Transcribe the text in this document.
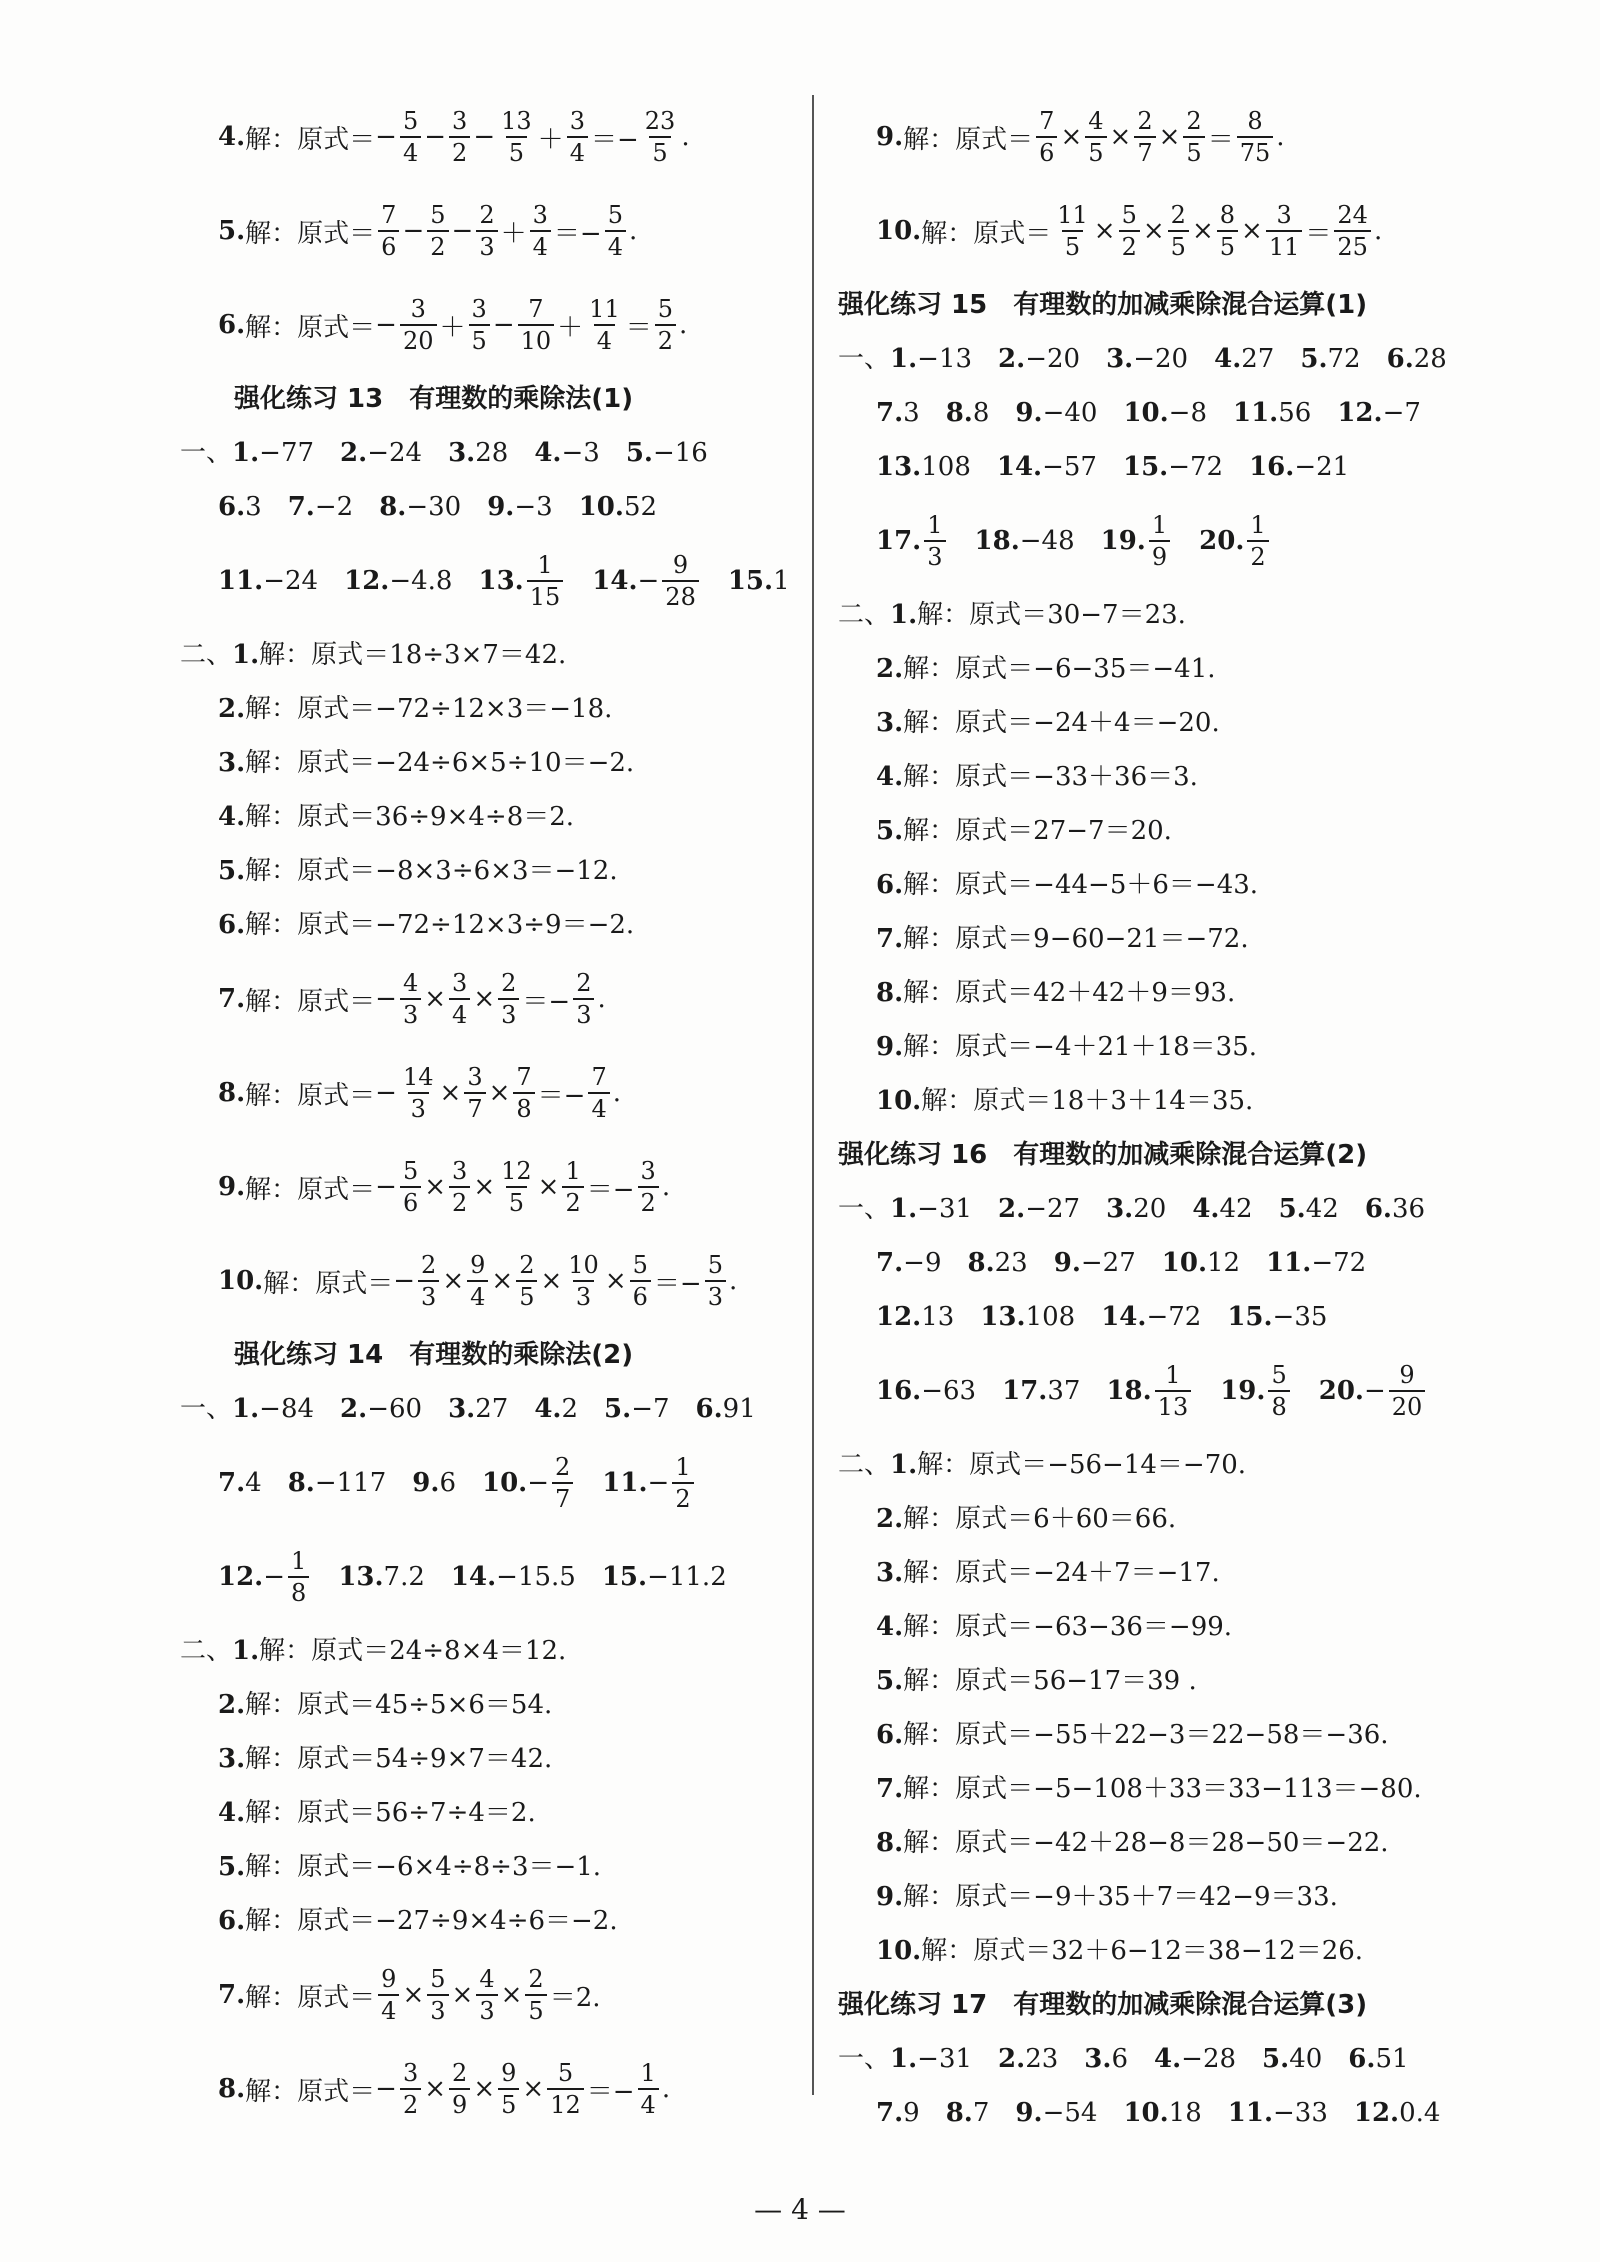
4. 解：原式＝ − $\frac{5}{4} - \frac{3}{2} - \frac{13}{5} + \frac{3}{4} =- \frac{23}{5}$ .
5. 解：原式＝ $\frac{7}{6} - \frac{5}{2} - \frac{2}{3} + \frac{3}{4} =- \frac{5}{4}$ .
6. 解：原式＝ − $\frac{3}{20} + \frac{3}{5} - \frac{7}{10} + \frac{11}{4} = \frac{5}{2}$ .
强化练习 13　有理数的乘除法(1)
一、 1. −77 2. −24 3. 28 4. −3 5. −16
6. 3 7. −2 8. −30 9. −3 10. 52
11. −24 12. −4.8 13. $\frac{1}{15} 14$. − $\frac{9}{28} 15$. 1
二、1.解：原式＝ 18÷3×7＝42.
2.解：原式＝ −72÷12×3＝−18.
3.解：原式＝ −24÷6×5÷10＝−2.
4.解：原式＝ 36÷9×4÷8＝2.
5.解：原式＝ −8×3÷6×3＝−12.
6.解：原式＝ −72÷12×3÷9＝−2.
7. 解：原式＝ − $\frac{4}{3} \times \frac{3}{4} \times \frac{2}{3} =- \frac{2}{3}$ .
8. 解：原式＝ − $\frac{14}{3} \times \frac{3}{7} \times \frac{7}{8} =- \frac{7}{4}$ .
9. 解：原式＝ − $\frac{5}{6} \times \frac{3}{2} \times \frac{12}{5} \times \frac{1}{2} =- \frac{3}{2}$ .
10. 解：原式＝ − $\frac{2}{3} \times \frac{9}{4} \times \frac{2}{5} \times \frac{10}{3} \times \frac{5}{6} =- \frac{5}{3}$ .
强化练习 14　有理数的乘除法(2)
一、 1. −84 2. −60 3. 27 4. 2 5. −7 6. 91
7. 4 8. −117 9. 6 10. − $\frac{2}{7} 11$. − $\frac{1}{2}$
12. − $\frac{1}{8} 13$. 7.2 14. −15.5 15. −11.2
二、1.解：原式＝ 24÷8×4＝12.
2.解：原式＝ 45÷5×6＝54.
3.解：原式＝ 54÷9×7＝42.
4.解：原式＝ 56÷7÷4＝2.
5.解：原式＝ −6×4÷8÷3＝−1.
6.解：原式＝ −27÷9×4÷6＝−2.
7. 解：原式＝ $\frac{9}{4} \times \frac{5}{3} \times \frac{4}{3} \times \frac{2}{5} =2$.
8. 解：原式＝ − $\frac{3}{2} \times \frac{2}{9} \times \frac{9}{5} \times \frac{5}{12} =- \frac{1}{4}$ .
9. 解：原式＝ $\frac{7}{6} \times \frac{4}{5} \times \frac{2}{7} \times \frac{2}{5} = \frac{8}{75}$ .
10. 解：原式＝ $\frac{11}{5} \times \frac{5}{2} \times \frac{2}{5} \times \frac{8}{5} \times \frac{3}{11} = \frac{24}{25}$ .
强化练习 15　有理数的加减乘除混合运算(1)
一、 1. −13 2. −20 3. −20 4. 27 5. 72 6. 28
7. 3 8. 8 9. −40 10. −8 11. 56 12. −7
13. 108 14. −57 15. −72 16. −21
17. $\frac{1}{3} 18$. −48 19. $\frac{1}{9} 20$. $\frac{1}{2}$
二、1.解：原式＝ 30−7＝23.
2.解：原式＝ −6−35＝−41.
3.解：原式＝ −24＋4＝−20.
4.解：原式＝ −33＋36＝3.
5.解：原式＝ 27−7＝20.
6.解：原式＝ −44−5＋6＝−43.
7.解：原式＝ 9−60−21＝−72.
8.解：原式＝ 42＋42＋9＝93.
9.解：原式＝ −4＋21＋18＝35.
10.解：原式＝ 18＋3＋14＝35.
强化练习 16　有理数的加减乘除混合运算(2)
一、 1. −31 2. −27 3. 20 4. 42 5. 42 6. 36
7. −9 8. 23 9. −27 10. 12 11. −72
12. 13 13. 108 14. −72 15. −35
16. −63 17. 37 18. $\frac{1}{13} 19$. $\frac{5}{8} 20$. − $\frac{9}{20}$
二、1.解：原式＝ −56−14＝−70.
2.解：原式＝ 6＋60＝66.
3.解：原式＝ −24＋7＝−17.
4.解：原式＝ −63−36＝−99.
5.解：原式＝ 56−17＝39 .
6.解：原式＝ −55＋22−3＝22−58＝−36.
7.解：原式＝ −5−108＋33＝33−113＝−80.
8.解：原式＝ −42＋28−8＝28−50＝−22.
9.解：原式＝ −9＋35＋7＝42−9＝33.
10.解：原式＝ 32＋6−12＝38−12＝26.
强化练习 17　有理数的加减乘除混合运算(3)
一、 1. −31 2. 23 3. 6 4. −28 5. 40 6. 51
7. 9 8. 7 9. −54 10. 18 11. −33 12. 0.4
— 4 —
